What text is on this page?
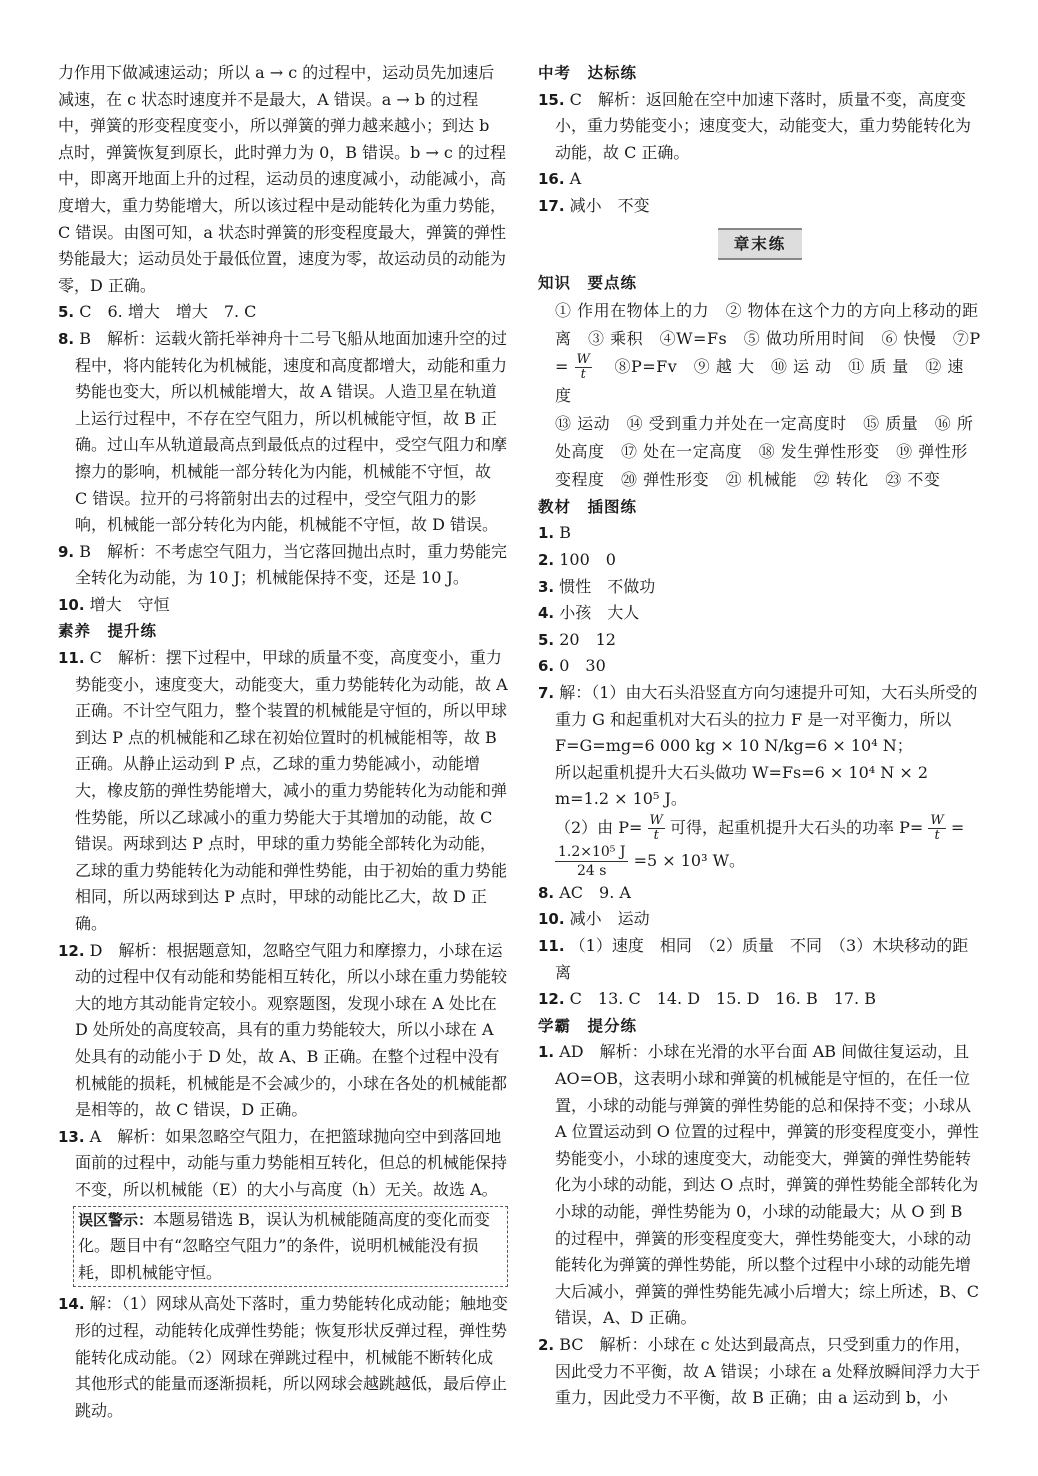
力作用下做减速运动；所以 a → c 的过程中，运动员先加速后减速，在 c 状态时速度并不是最大，A 错误。a → b 的过程中，弹簧的形变程度变小，所以弹簧的弹力越来越小；到达 b 点时，弹簧恢复到原长，此时弹力为 0，B 错误。b → c 的过程中，即离开地面上升的过程，运动员的速度减小，动能减小，高度增大，重力势能增大，所以该过程中是动能转化为重力势能，C 错误。由图可知，a 状态时弹簧的形变程度最大，弹簧的弹性势能最大；运动员处于最低位置，速度为零，故运动员的动能为零，D 正确。

5. C　6. 增大　增大　7. C

8. B　解析：运载火箭托举神舟十二号飞船从地面加速升空的过程中，将内能转化为机械能，速度和高度都增大，动能和重力势能也变大，所以机械能增大，故 A 错误。人造卫星在轨道上运行过程中，不存在空气阻力，所以机械能守恒，故 B 正确。过山车从轨道最高点到最低点的过程中，受空气阻力和摩擦力的影响，机械能一部分转化为内能，机械能不守恒，故 C 错误。拉开的弓将箭射出去的过程中，受空气阻力的影响，机械能一部分转化为内能，机械能不守恒，故 D 错误。

9. B　解析：不考虑空气阻力，当它落回抛出点时，重力势能完全转化为动能，为 10 J；机械能保持不变，还是 10 J。

10. 增大　守恒

素养　提升练

11. C　解析：摆下过程中，甲球的质量不变，高度变小，重力势能变小，速度变大，动能变大，重力势能转化为动能，故 A 正确。不计空气阻力，整个装置的机械能是守恒的，所以甲球到达 P 点的机械能和乙球在初始位置时的机械能相等，故 B 正确。从静止运动到 P 点，乙球的重力势能减小，动能增大，橡皮筋的弹性势能增大，减小的重力势能转化为动能和弹性势能，所以乙球减小的重力势能大于其增加的动能，故 C 错误。两球到达 P 点时，甲球的重力势能全部转化为动能，乙球的重力势能转化为动能和弹性势能，由于初始的重力势能相同，所以两球到达 P 点时，甲球的动能比乙大，故 D 正确。

12. D　解析：根据题意知，忽略空气阻力和摩擦力，小球在运动的过程中仅有动能和势能相互转化，所以小球在重力势能较大的地方其动能肯定较小。观察题图，发现小球在 A 处比在 D 处所处的高度较高，具有的重力势能较大，所以小球在 A 处具有的动能小于 D 处，故 A、B 正确。在整个过程中没有机械能的损耗，机械能是不会减少的，小球在各处的机械能都是相等的，故 C 错误，D 正确。

13. A　解析：如果忽略空气阻力，在把篮球抛向空中到落回地面前的过程中，动能与重力势能相互转化，但总的机械能保持不变，所以机械能（E）的大小与高度（h）无关。故选 A。

误区警示：本题易错选 B，误认为机械能随高度的变化而变化。题目中有“忽略空气阻力”的条件，说明机械能没有损耗，即机械能守恒。

14. 解：（1）网球从高处下落时，重力势能转化成动能；触地变形的过程，动能转化成弹性势能；恢复形状反弹过程，弹性势能转化成动能。（2）网球在弹跳过程中，机械能不断转化成其他形式的能量而逐渐损耗，所以网球会越跳越低，最后停止跳动。

中考　达标练

15. C　解析：返回舱在空中加速下落时，质量不变，高度变小，重力势能变小；速度变大，动能变大，重力势能转化为动能，故 C 正确。

16. A

17. 减小　不变

章末练

知识　要点练

① 作用在物体上的力　② 物体在这个力的方向上移动的距离　③ 乘积　④W=Fs　⑤ 做功所用时间　⑥ 快慢　⑦P
= $\frac{W}{t}$ 　⑧P=Fv　⑨ 越 大　⑩ 运 动　⑪ 质 量　⑫ 速 度
⑬ 运动　⑭ 受到重力并处在一定高度时　⑮ 质量　⑯ 所处高度　⑰ 处在一定高度　⑱ 发生弹性形变　⑲ 弹性形变程度　⑳ 弹性形变　㉑ 机械能　㉒ 转化　㉓ 不变

教材　插图练

1. B

2. 100　0

3. 惯性　不做功

4. 小孩　大人

5. 20　12

6. 0　30

7. 解：（1）由大石头沿竖直方向匀速提升可知，大石头所受的重力 G 和起重机对大石头的拉力 F 是一对平衡力，所以 F=G=mg=6 000 kg × 10 N/kg=6 × 10⁴ N；

所以起重机提升大石头做功 W=Fs=6 × 10⁴ N × 2 m=1.2 × 10⁵ J。

（2）由 $P= \frac{W}{t}$ 可得，起重机提升大石头的功率 $P= \frac{W}{t}$ =

$\frac{\text{1.2×10⁵ J}}{24 s} =5 \times 10^3$ W。

8. AC　9. A

10. 减小　运动

11. （1）速度　相同　（2）质量　不同　（3）木块移动的距离

12. C　13. C　14. D　15. D　16. B　17. B

学霸　提分练

1. AD　解析：小球在光滑的水平台面 AB 间做往复运动，且 AO=OB，这表明小球和弹簧的机械能是守恒的，在任一位置，小球的动能与弹簧的弹性势能的总和保持不变；小球从 A 位置运动到 O 位置的过程中，弹簧的形变程度变小，弹性势能变小，小球的速度变大，动能变大，弹簧的弹性势能转化为小球的动能，到达 O 点时，弹簧的弹性势能全部转化为小球的动能，弹性势能为 0，小球的动能最大；从 O 到 B 的过程中，弹簧的形变程度变大，弹性势能变大，小球的动能转化为弹簧的弹性势能，所以整个过程中小球的动能先增大后减小，弹簧的弹性势能先减小后增大；综上所述，B、C 错误，A、D 正确。

2. BC　解析：小球在 c 处达到最高点，只受到重力的作用，因此受力不平衡，故 A 错误；小球在 a 处释放瞬间浮力大于重力，因此受力不平衡，故 B 正确；由 a 运动到 b，小
